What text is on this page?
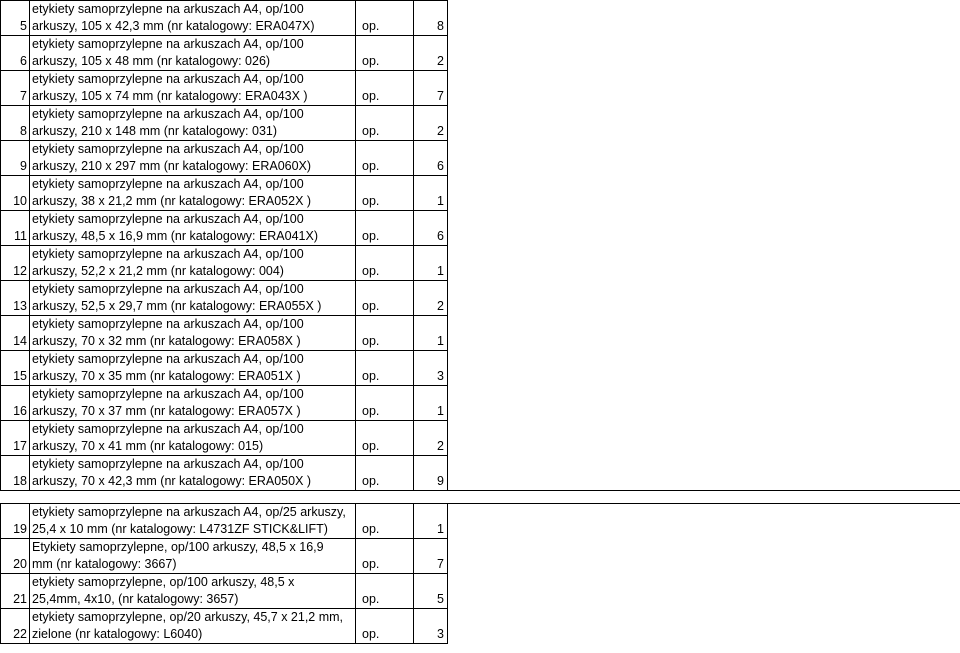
5	etykiety samoprzylepne na arkuszach A4, op/100
arkuszy, 105 x 42,3 mm (nr katalogowy: ERA047X)	op.	8	
6	etykiety samoprzylepne na arkuszach A4, op/100
arkuszy, 105 x 48 mm (nr katalogowy: 026)	op.	2	
7	etykiety samoprzylepne na arkuszach A4, op/100
arkuszy, 105 x 74 mm (nr katalogowy: ERA043X )	op.	7	
8	etykiety samoprzylepne na arkuszach A4, op/100
arkuszy, 210 x 148 mm (nr katalogowy: 031)	op.	2	
9	etykiety samoprzylepne na arkuszach A4, op/100
arkuszy, 210 x 297 mm (nr katalogowy: ERA060X)	op.	6	
10	etykiety samoprzylepne na arkuszach A4, op/100
arkuszy, 38 x 21,2 mm (nr katalogowy: ERA052X )	op.	1	
11	etykiety samoprzylepne na arkuszach A4, op/100
arkuszy, 48,5 x 16,9 mm (nr katalogowy: ERA041X)	op.	6	
12	etykiety samoprzylepne na arkuszach A4, op/100
arkuszy, 52,2 x 21,2 mm (nr katalogowy: 004)	op.	1	
13	etykiety samoprzylepne na arkuszach A4, op/100
arkuszy, 52,5 x 29,7 mm (nr katalogowy: ERA055X )	op.	2	
14	etykiety samoprzylepne na arkuszach A4, op/100
arkuszy, 70 x 32 mm (nr katalogowy: ERA058X )	op.	1	
15	etykiety samoprzylepne na arkuszach A4, op/100
arkuszy, 70 x 35 mm (nr katalogowy: ERA051X )	op.	3	
16	etykiety samoprzylepne na arkuszach A4, op/100
arkuszy, 70 x 37 mm (nr katalogowy: ERA057X )	op.	1	
17	etykiety samoprzylepne na arkuszach A4, op/100
arkuszy, 70 x 41 mm (nr katalogowy: 015)	op.	2	
18	etykiety samoprzylepne na arkuszach A4, op/100
arkuszy, 70 x 42,3 mm (nr katalogowy: ERA050X )	op.	9	

19	etykiety samoprzylepne na arkuszach A4, op/25 arkuszy,
25,4 x 10 mm (nr katalogowy: L4731ZF STICK&LIFT)	op.	1	
20	Etykiety samoprzylepne, op/100 arkuszy, 48,5 x 16,9
mm (nr katalogowy: 3667)	op.	7	
21	etykiety samoprzylepne, op/100 arkuszy, 48,5 x
25,4mm, 4x10, (nr katalogowy: 3657)	op.	5	
22	etykiety samoprzylepne, op/20 arkuszy, 45,7 x 21,2 mm,
zielone (nr katalogowy: L6040)	op.	3	
